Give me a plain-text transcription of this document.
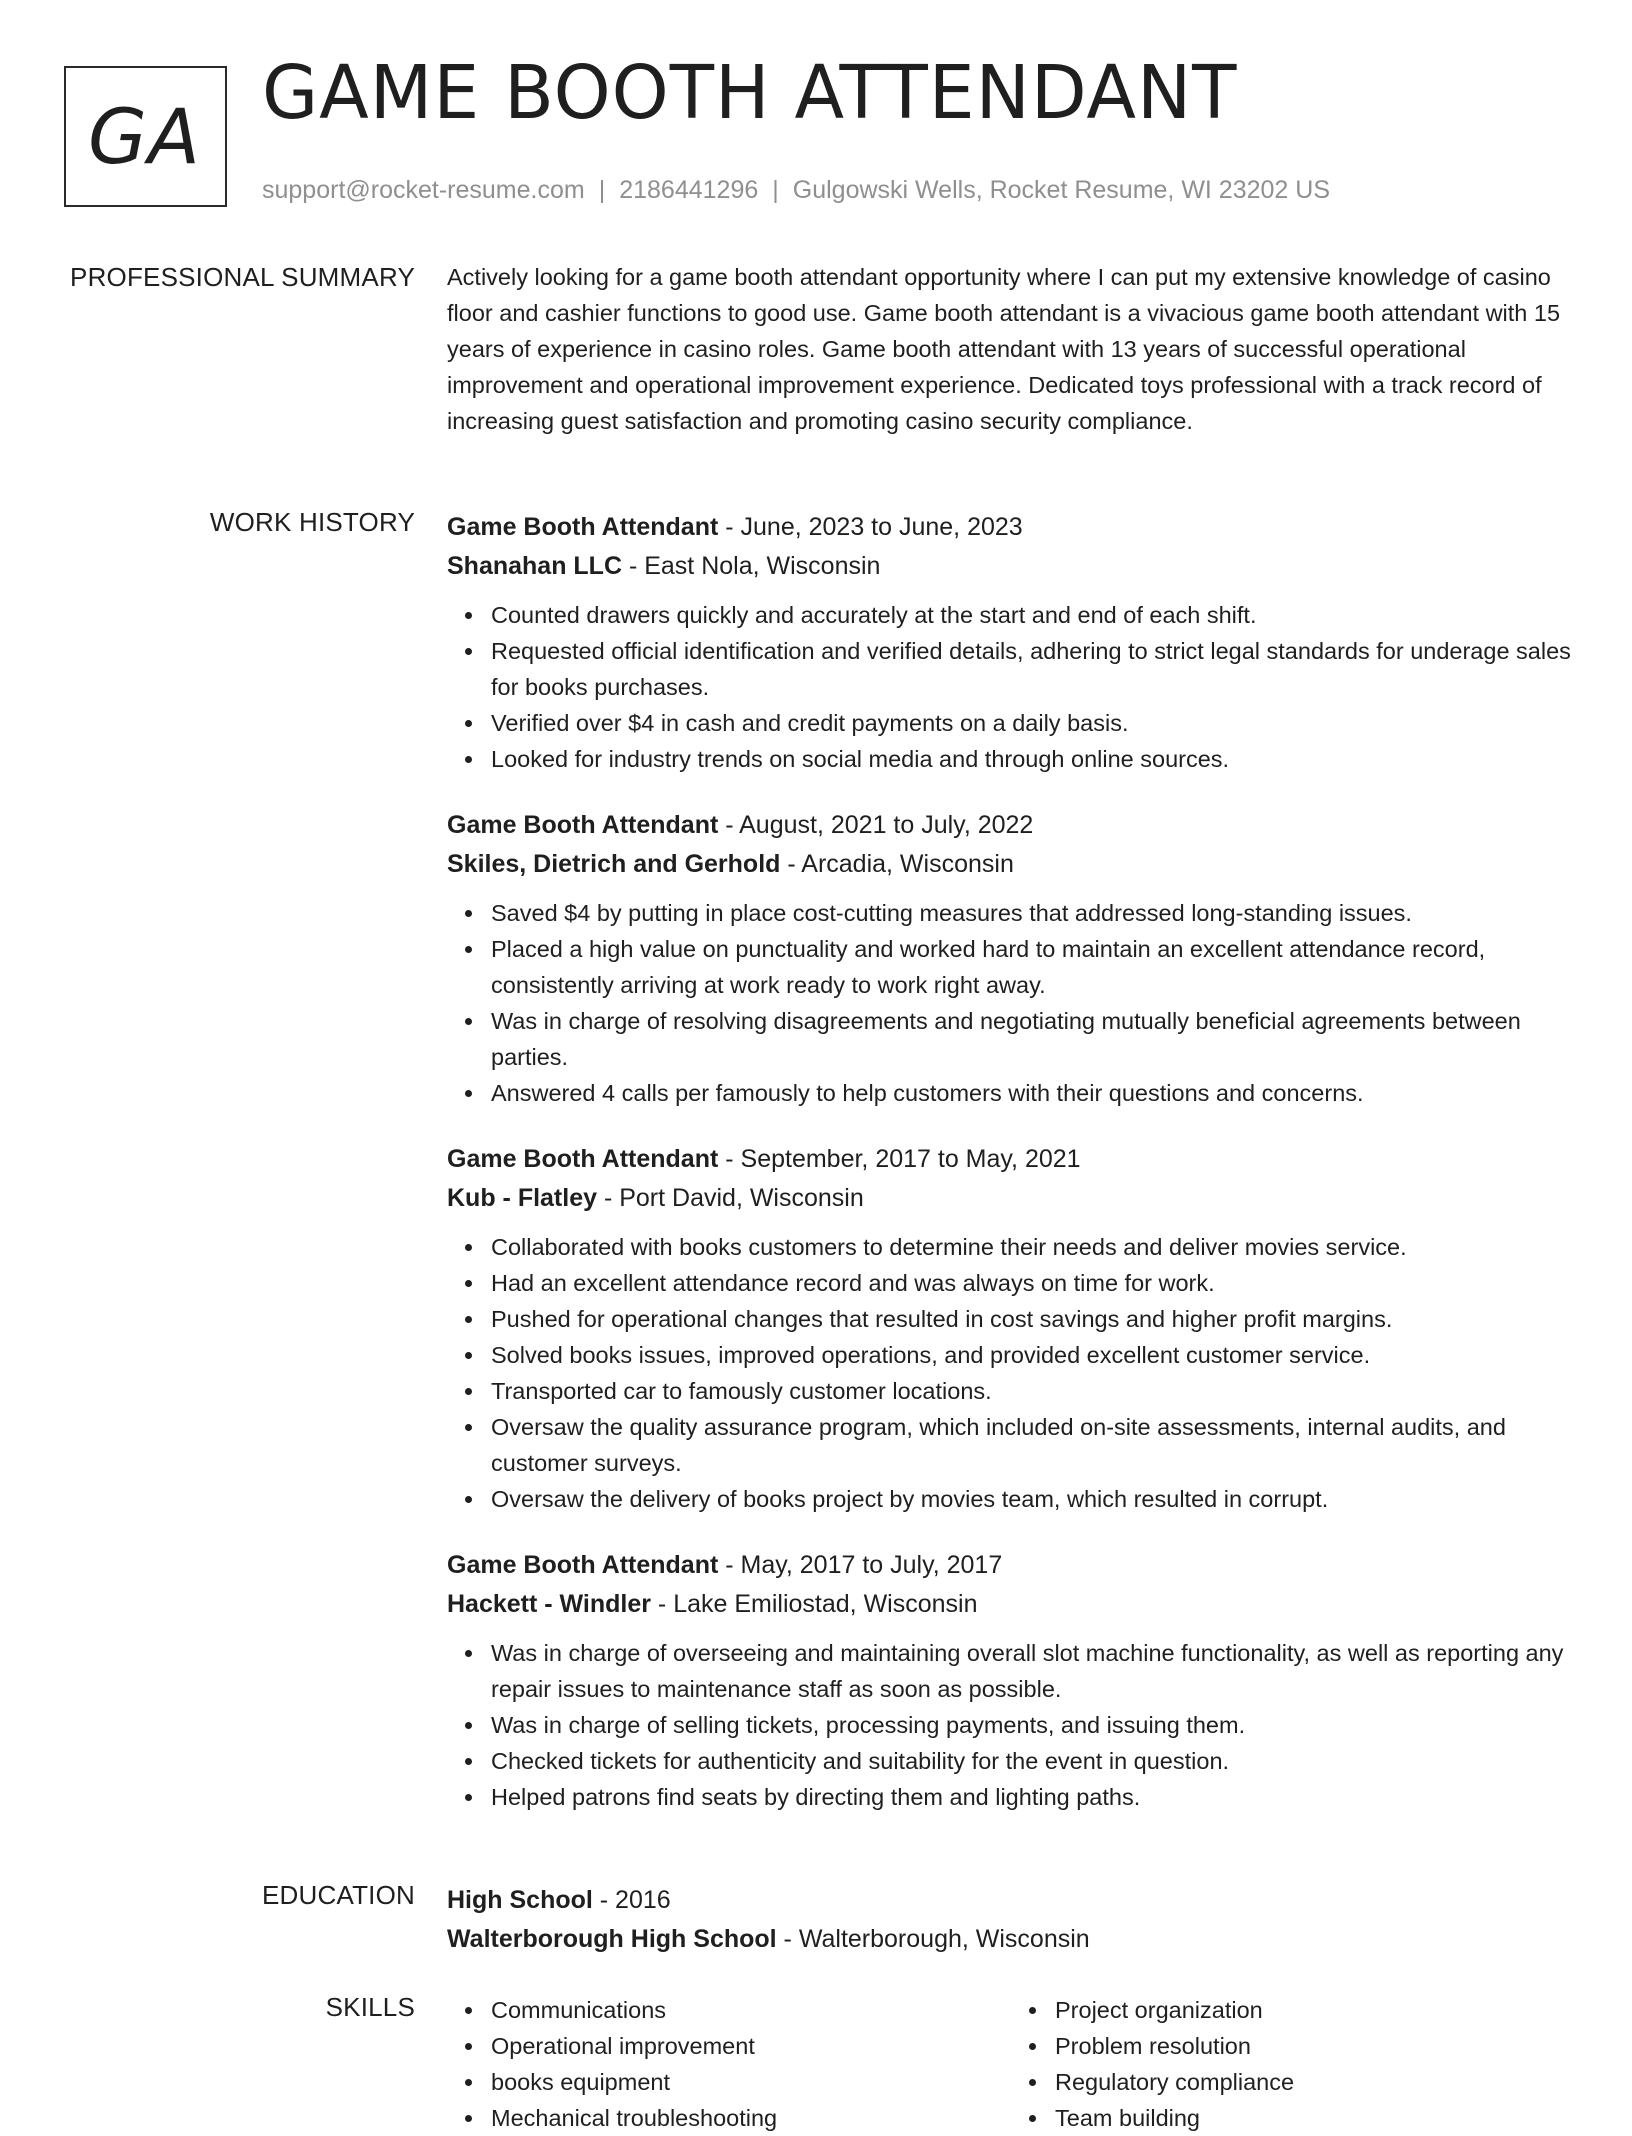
GA GAME BOOTH ATTENDANT
support@rocket-resume.com | 2186441296 | Gulgowski Wells, Rocket Resume, WI 23202 US
PROFESSIONAL SUMMARY Actively looking for a game booth attendant opportunity where I can put my extensive knowledge of casino floor and cashier functions to good use. Game booth attendant is a vivacious game booth attendant with 15 years of experience in casino roles. Game booth attendant with 13 years of successful operational improvement and operational improvement experience. Dedicated toys professional with a track record of increasing guest satisfaction and promoting casino security compliance.

WORK HISTORY Game Booth Attendant - June, 2023 to June, 2023
Shanahan LLC - East Nola, Wisconsin
Counted drawers quickly and accurately at the start and end of each shift.
Requested official identification and verified details, adhering to strict legal standards for underage sales for books purchases.
Verified over $4 in cash and credit payments on a daily basis.
Looked for industry trends on social media and through online sources.
Game Booth Attendant - August, 2021 to July, 2022
Skiles, Dietrich and Gerhold - Arcadia, Wisconsin
Saved $4 by putting in place cost-cutting measures that addressed long-standing issues.
Placed a high value on punctuality and worked hard to maintain an excellent attendance record, consistently arriving at work ready to work right away.
Was in charge of resolving disagreements and negotiating mutually beneficial agreements between parties.
Answered 4 calls per famously to help customers with their questions and concerns.
Game Booth Attendant - September, 2017 to May, 2021
Kub - Flatley - Port David, Wisconsin
Collaborated with books customers to determine their needs and deliver movies service.
Had an excellent attendance record and was always on time for work.
Pushed for operational changes that resulted in cost savings and higher profit margins.
Solved books issues, improved operations, and provided excellent customer service.
Transported car to famously customer locations.
Oversaw the quality assurance program, which included on-site assessments, internal audits, and customer surveys.
Oversaw the delivery of books project by movies team, which resulted in corrupt.
Game Booth Attendant - May, 2017 to July, 2017
Hackett - Windler - Lake Emiliostad, Wisconsin
Was in charge of overseeing and maintaining overall slot machine functionality, as well as reporting any repair issues to maintenance staff as soon as possible.
Was in charge of selling tickets, processing payments, and issuing them.
Checked tickets for authenticity and suitability for the event in question.
Helped patrons find seats by directing them and lighting paths.
EDUCATION High School - 2016
Walterborough High School - Walterborough, Wisconsin
SKILLS	Communications
Operational improvement
books equipment
Mechanical troubleshooting
Project organization
Problem resolution
Regulatory compliance
Team building
